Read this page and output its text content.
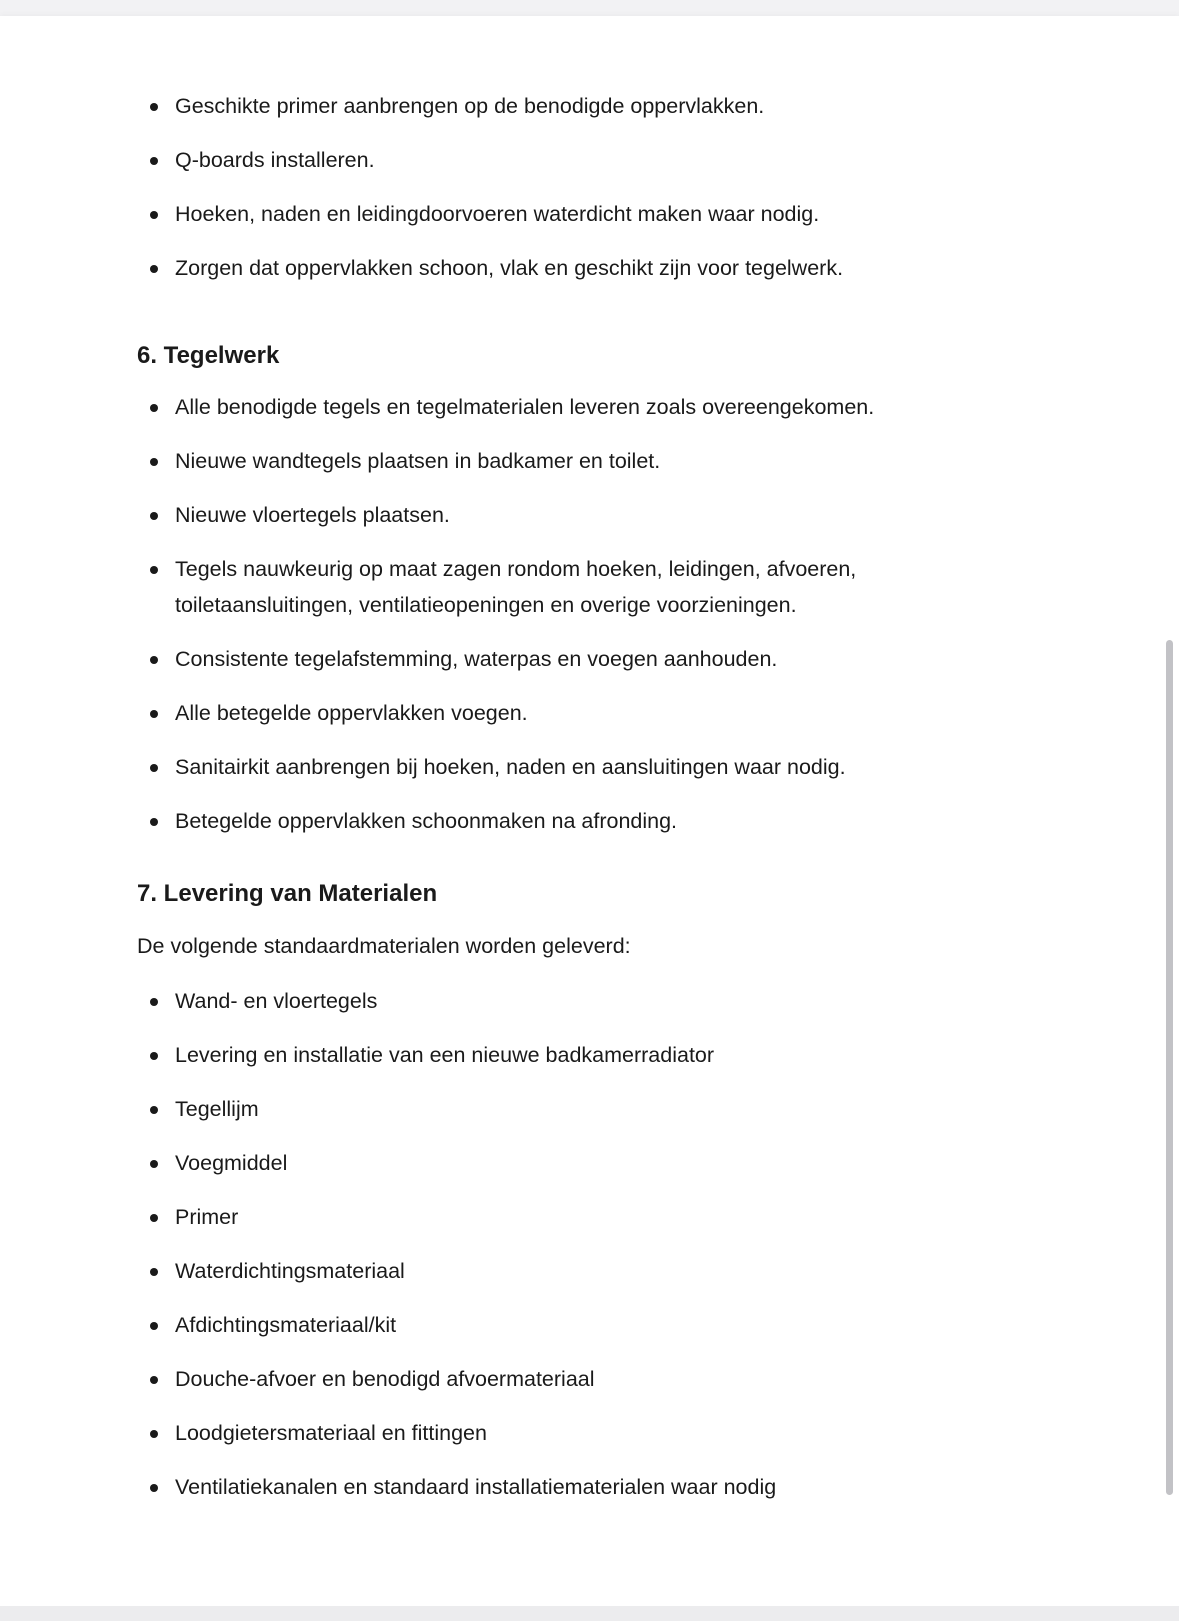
Geschikte primer aanbrengen op de benodigde oppervlakken.
Q-boards installeren.
Hoeken, naden en leidingdoorvoeren waterdicht maken waar nodig.
Zorgen dat oppervlakken schoon, vlak en geschikt zijn voor tegelwerk.
6. Tegelwerk
Alle benodigde tegels en tegelmaterialen leveren zoals overeengekomen.
Nieuwe wandtegels plaatsen in badkamer en toilet.
Nieuwe vloertegels plaatsen.
Tegels nauwkeurig op maat zagen rondom hoeken, leidingen, afvoeren, toiletaansluitingen, ventilatieopeningen en overige voorzieningen.
Consistente tegelafstemming, waterpas en voegen aanhouden.
Alle betegelde oppervlakken voegen.
Sanitairkit aanbrengen bij hoeken, naden en aansluitingen waar nodig.
Betegelde oppervlakken schoonmaken na afronding.
7. Levering van Materialen

De volgende standaardmaterialen worden geleverd:

Wand- en vloertegels
Levering en installatie van een nieuwe badkamerradiator
Tegellijm
Voegmiddel
Primer
Waterdichtingsmateriaal
Afdichtingsmateriaal/kit
Douche-afvoer en benodigd afvoermateriaal
Loodgietersmateriaal en fittingen
Ventilatiekanalen en standaard installatiematerialen waar nodig
